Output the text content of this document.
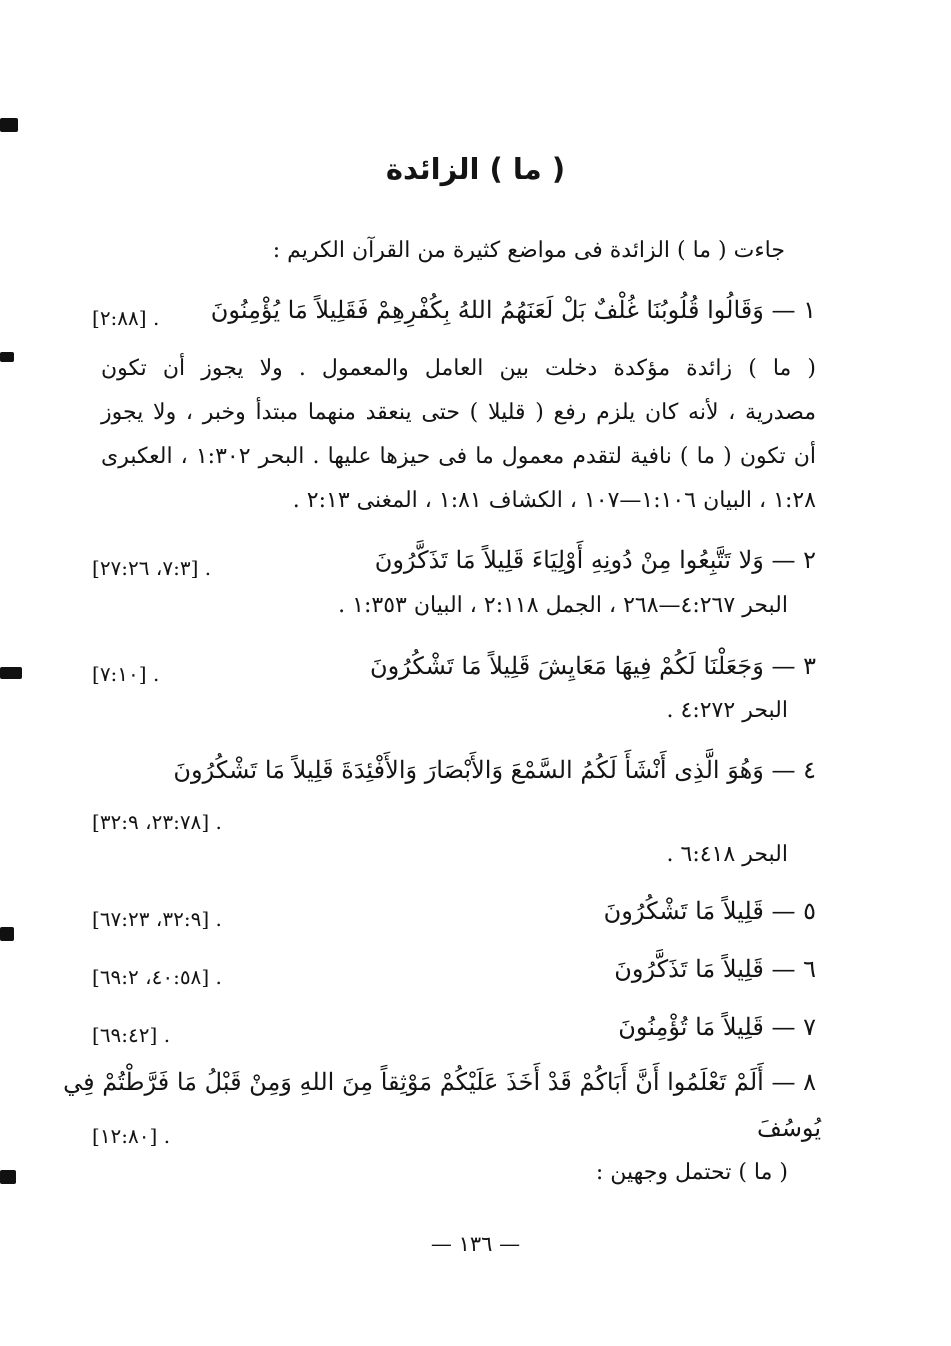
( ما ) الزائدة
جاءت ( ما ) الزائدة فى مواضع كثيرة من القرآن الكريم :
١ — وَقَالُوا قُلُوبُنَا غُلْفٌ بَلْ لَعَنَهُمُ اللهُ بِكُفْرِهِمْ فَقَلِيلاً مَا يُؤْمِنُونَ
[٢:٨٨] .
( ما ) زائدة مؤكدة دخلت بين العامل والمعمول . ولا يجوز أن تكون
مصدرية ، لأنه كان يلزم رفع ( قليلا ) حتى ينعقد منهما مبتدأ وخبر ، ولا يجوز
أن تكون ( ما ) نافية لتقدم معمول ما فى حيزها عليها . البحر ١:٣٠٢ ، العكبرى
١:٢٨ ، البيان ١:١٠٦—١٠٧ ، الكشاف ١:٨١ ، المغنى ٢:١٣ .
٢ — وَلا تَتَّبِعُوا مِنْ دُونِهِ أَوْلِيَاءَ قَلِيلاً مَا تَذَكَّرُونَ
[٧:٣، ٢٧:٢٦] .
البحر ٤:٢٦٧—٢٦٨ ، الجمل ٢:١١٨ ، البيان ١:٣٥٣ .
٣ — وَجَعَلْنَا لَكُمْ فِيهَا مَعَايِشَ قَلِيلاً مَا تَشْكُرُونَ
[٧:١٠] .
البحر ٤:٢٧٢ .
٤ — وَهُوَ الَّذِى أَنْشَأَ لَكُمُ السَّمْعَ وَالأَبْصَارَ وَالأَفْئِدَةَ قَلِيلاً مَا تَشْكُرُونَ
[٢٣:٧٨، ٣٢:٩] .
البحر ٦:٤١٨ .
٥ — قَلِيلاً مَا تَشْكُرُونَ
[٣٢:٩، ٦٧:٢٣] .
٦ — قَلِيلاً مَا تَذَكَّرُونَ
[٤٠:٥٨، ٦٩:٢] .
٧ — قَلِيلاً مَا تُؤْمِنُونَ
[٦٩:٤٢] .
٨ — أَلَمْ تَعْلَمُوا أَنَّ أَبَاكُمْ قَدْ أَخَذَ عَلَيْكُمْ مَوْثِقاً مِنَ اللهِ وَمِنْ قَبْلُ مَا فَرَّطْتُمْ فِي
يُوسُفَ
[١٢:٨٠] .
( ما ) تحتمل وجهين :
— ١٣٦ —
